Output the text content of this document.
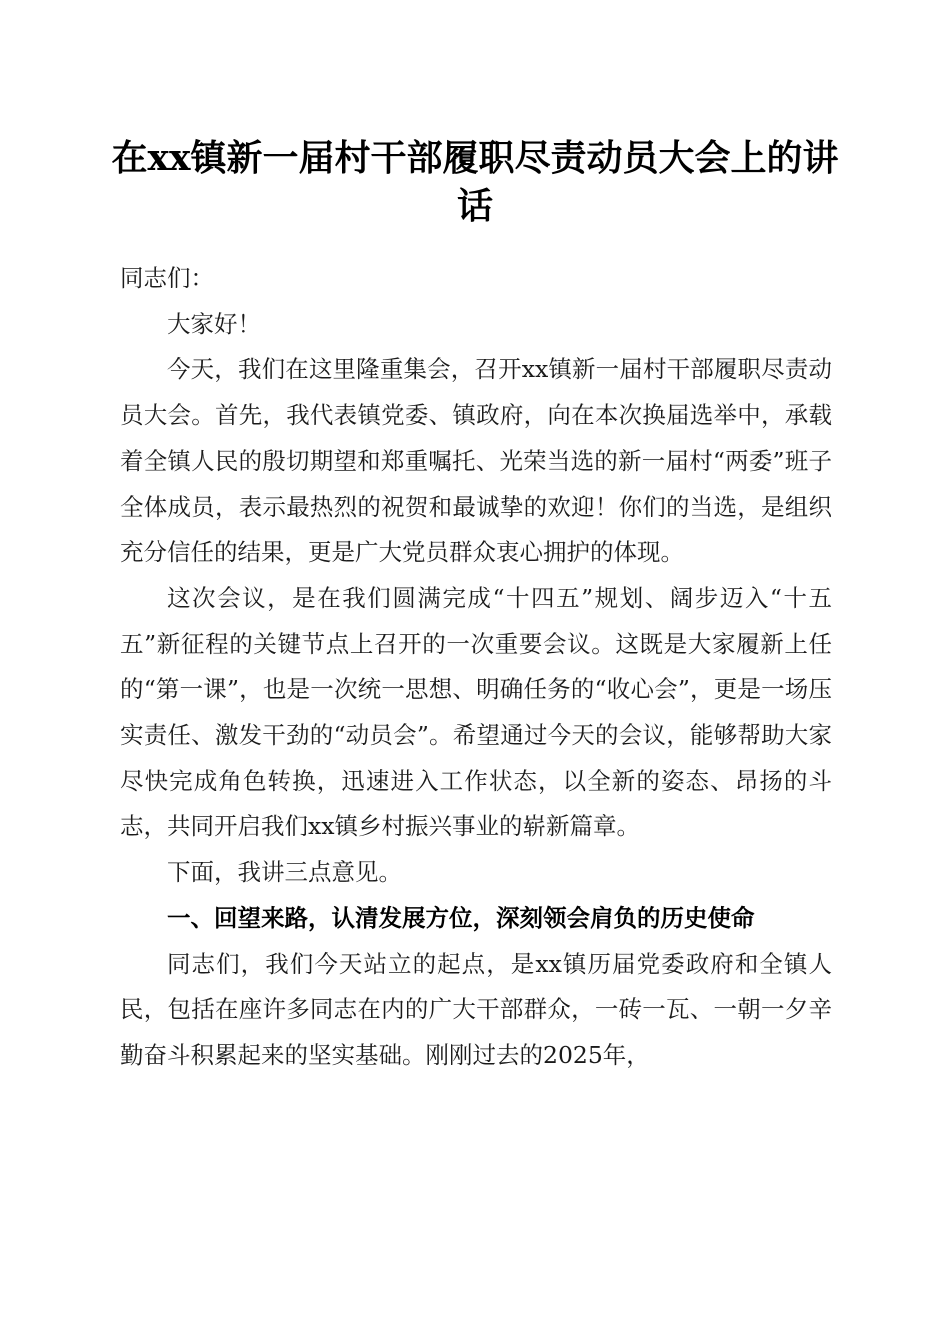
在xx镇新一届村干部履职尽责动员大会上的讲话

同志们：

大家好！

今天，我们在这里隆重集会，召开xx镇新一届村干部履职尽责动员大会。首先，我代表镇党委、镇政府，向在本次换届选举中，承载着全镇人民的殷切期望和郑重嘱托、光荣当选的新一届村“两委”班子全体成员，表示最热烈的祝贺和最诚挚的欢迎！你们的当选，是组织充分信任的结果，更是广大党员群众衷心拥护的体现。

这次会议，是在我们圆满完成“十四五”规划、阔步迈入“十五五”新征程的关键节点上召开的一次重要会议。这既是大家履新上任的“第一课”，也是一次统一思想、明确任务的“收心会”，更是一场压实责任、激发干劲的“动员会”。希望通过今天的会议，能够帮助大家尽快完成角色转换，迅速进入工作状态，以全新的姿态、昂扬的斗志，共同开启我们xx镇乡村振兴事业的崭新篇章。

下面，我讲三点意见。

一、回望来路，认清发展方位，深刻领会肩负的历史使命

同志们，我们今天站立的起点，是xx镇历届党委政府和全镇人民，包括在座许多同志在内的广大干部群众，一砖一瓦、一朝一夕辛勤奋斗积累起来的坚实基础。刚刚过去的2025年，
